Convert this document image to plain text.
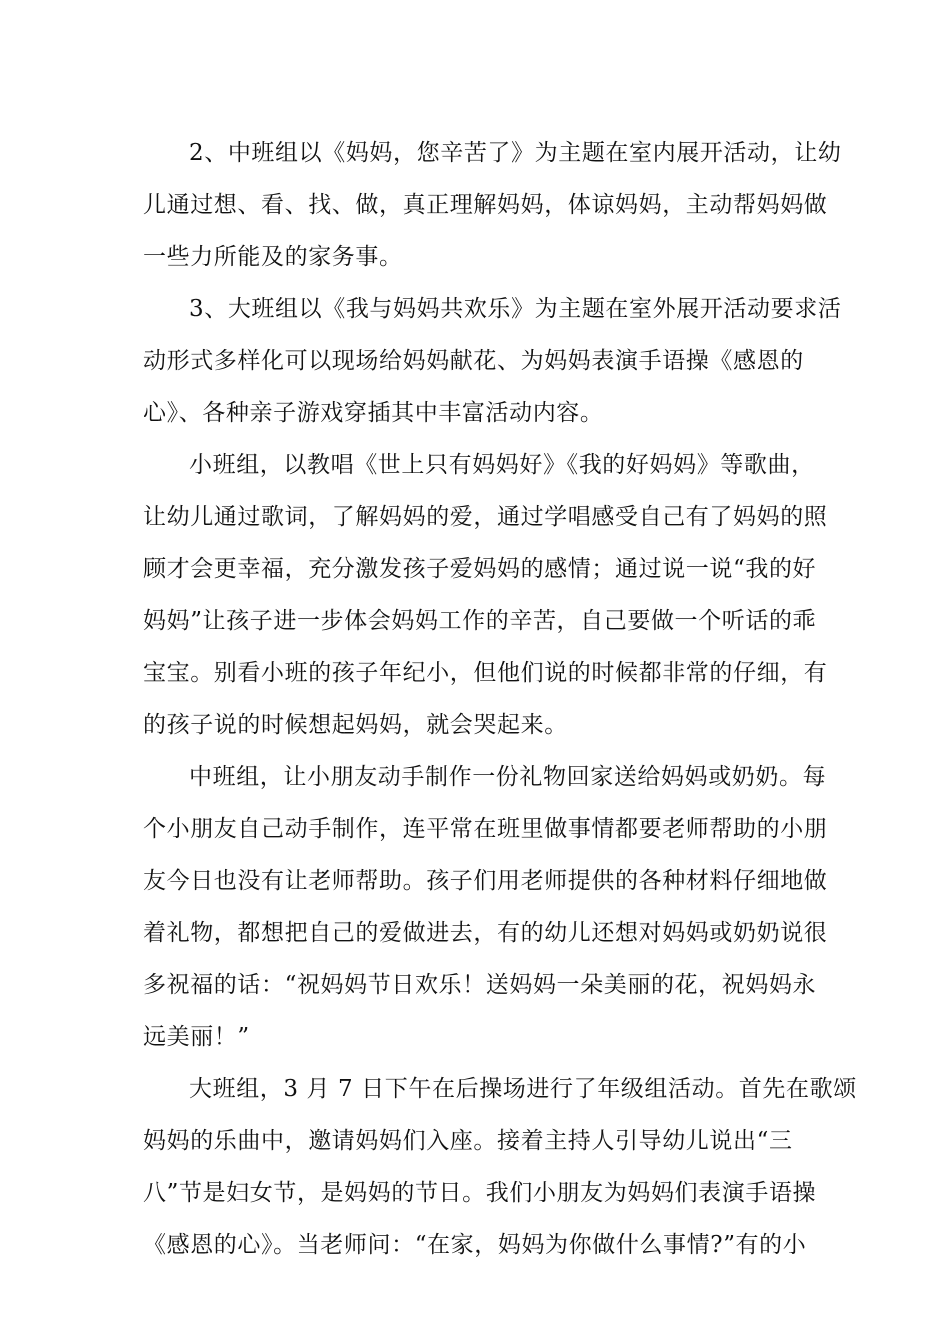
2、中班组以《妈妈，您辛苦了》为主题在室内展开活动，让幼
儿通过想、看、找、做，真正理解妈妈，体谅妈妈，主动帮妈妈做
一些力所能及的家务事。
3、大班组以《我与妈妈共欢乐》为主题在室外展开活动要求活
动形式多样化可以现场给妈妈献花、为妈妈表演手语操《感恩的
心》、各种亲子游戏穿插其中丰富活动内容。
小班组，以教唱《世上只有妈妈好》《我的好妈妈》等歌曲，
让幼儿通过歌词，了解妈妈的爱，通过学唱感受自己有了妈妈的照
顾才会更幸福，充分激发孩子爱妈妈的感情；通过说一说“我的好
妈妈”让孩子进一步体会妈妈工作的辛苦，自己要做一个听话的乖
宝宝。别看小班的孩子年纪小，但他们说的时候都非常的仔细，有
的孩子说的时候想起妈妈，就会哭起来。
中班组，让小朋友动手制作一份礼物回家送给妈妈或奶奶。每
个小朋友自己动手制作，连平常在班里做事情都要老师帮助的小朋
友今日也没有让老师帮助。孩子们用老师提供的各种材料仔细地做
着礼物，都想把自己的爱做进去，有的幼儿还想对妈妈或奶奶说很
多祝福的话：“祝妈妈节日欢乐！送妈妈一朵美丽的花，祝妈妈永
远美丽！”
大班组，3 月 7 日下午在后操场进行了年级组活动。首先在歌颂
妈妈的乐曲中，邀请妈妈们入座。接着主持人引导幼儿说出“三
八”节是妇女节，是妈妈的节日。我们小朋友为妈妈们表演手语操
《感恩的心》。当老师问：“在家，妈妈为你做什么事情?”有的小
